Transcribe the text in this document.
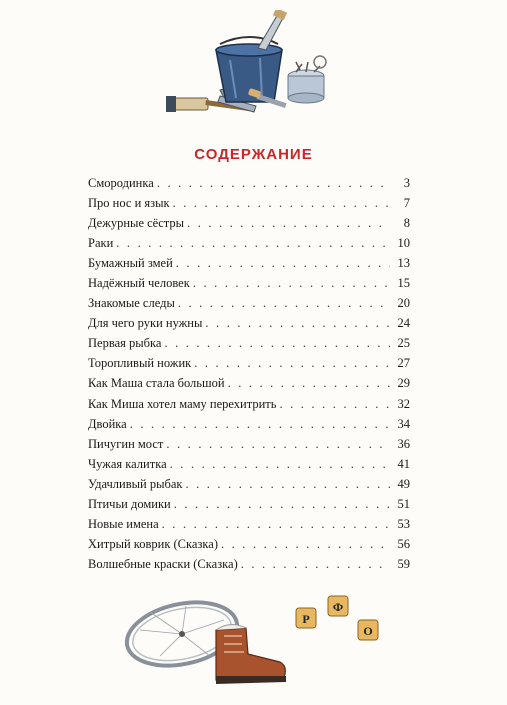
СОДЕРЖАНИЕ
Смородинка . . .	3
Про нос и язык . . .	7
Дежурные сёстры . . .	8
Раки . . .	10
Бумажный змей . . .	13
Надёжный человек . . .	15
Знакомые следы . . .	20
Для чего руки нужны . . .	24
Первая рыбка . . .	25
Торопливый ножик . . .	27
Как Маша стала большой . . .	29
Как Миша хотел маму перехитрить . . .	32
Двойка . . .	34
Пичугин мост . . .	36
Чужая калитка . . .	41
Удачливый рыбак . . .	49
Птичьи домики . . .	51
Новые имена . . .	53
Хитрый коврик (Сказка) . . .	56
Волшебные краски (Сказка) . . .	59
Р
Ф
О
